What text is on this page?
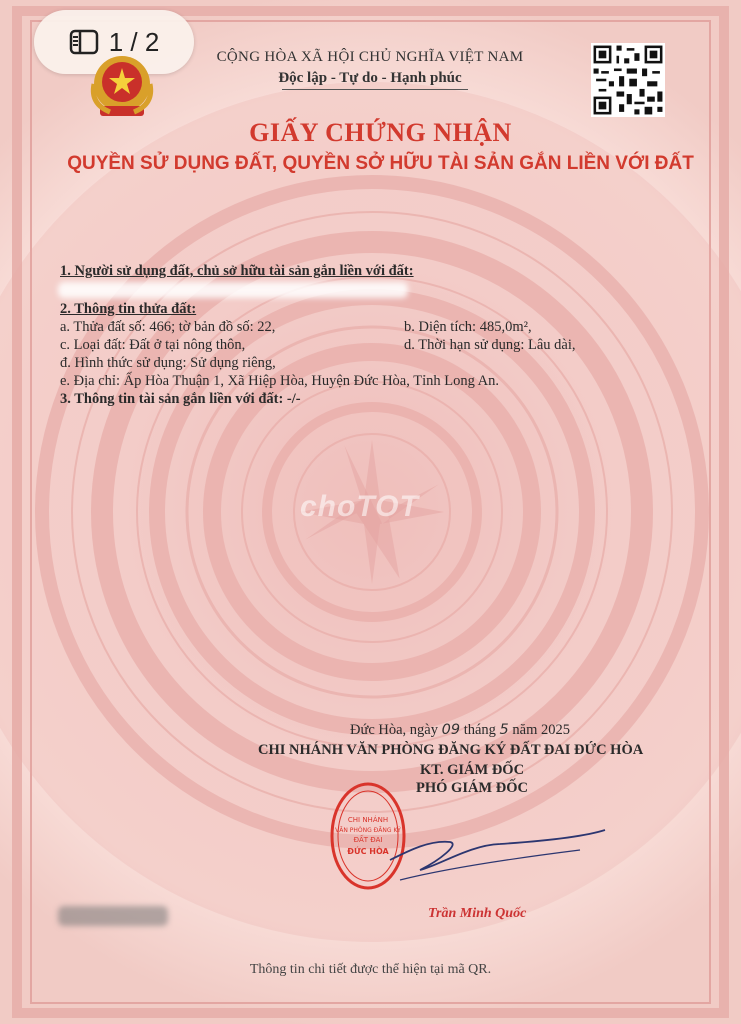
1 / 2
CỘNG HÒA XÃ HỘI CHỦ NGHĨA VIỆT NAM
Độc lập - Tự do - Hạnh phúc
GIẤY CHỨNG NHẬN
QUYỀN SỬ DỤNG ĐẤT, QUYỀN SỞ HỮU TÀI SẢN GẮN LIỀN VỚI ĐẤT
1. Người sử dụng đất, chủ sở hữu tài sản gắn liền với đất:
2. Thông tin thửa đất:
a. Thửa đất số: 466; tờ bản đồ số: 22,	b. Diện tích: 485,0m²,
c. Loại đất: Đất ở tại nông thôn,	d. Thời hạn sử dụng: Lâu dài,
đ. Hình thức sử dụng: Sử dụng riêng,
e. Địa chỉ: Ấp Hòa Thuận 1, Xã Hiệp Hòa, Huyện Đức Hòa, Tỉnh Long An.
3. Thông tin tài sản gắn liền với đất: -/-
choTOT
Đức Hòa, ngày 09 tháng 5 năm 2025
CHI NHÁNH VĂN PHÒNG ĐĂNG KÝ ĐẤT ĐAI ĐỨC HÒA
KT. GIÁM ĐỐC
PHÓ GIÁM ĐỐC
CHI NHÁNH
VĂN PHÒNG ĐĂNG KÝ
ĐẤT ĐAI
ĐỨC HÒA
Trần Minh Quốc
Thông tin chi tiết được thể hiện tại mã QR.
